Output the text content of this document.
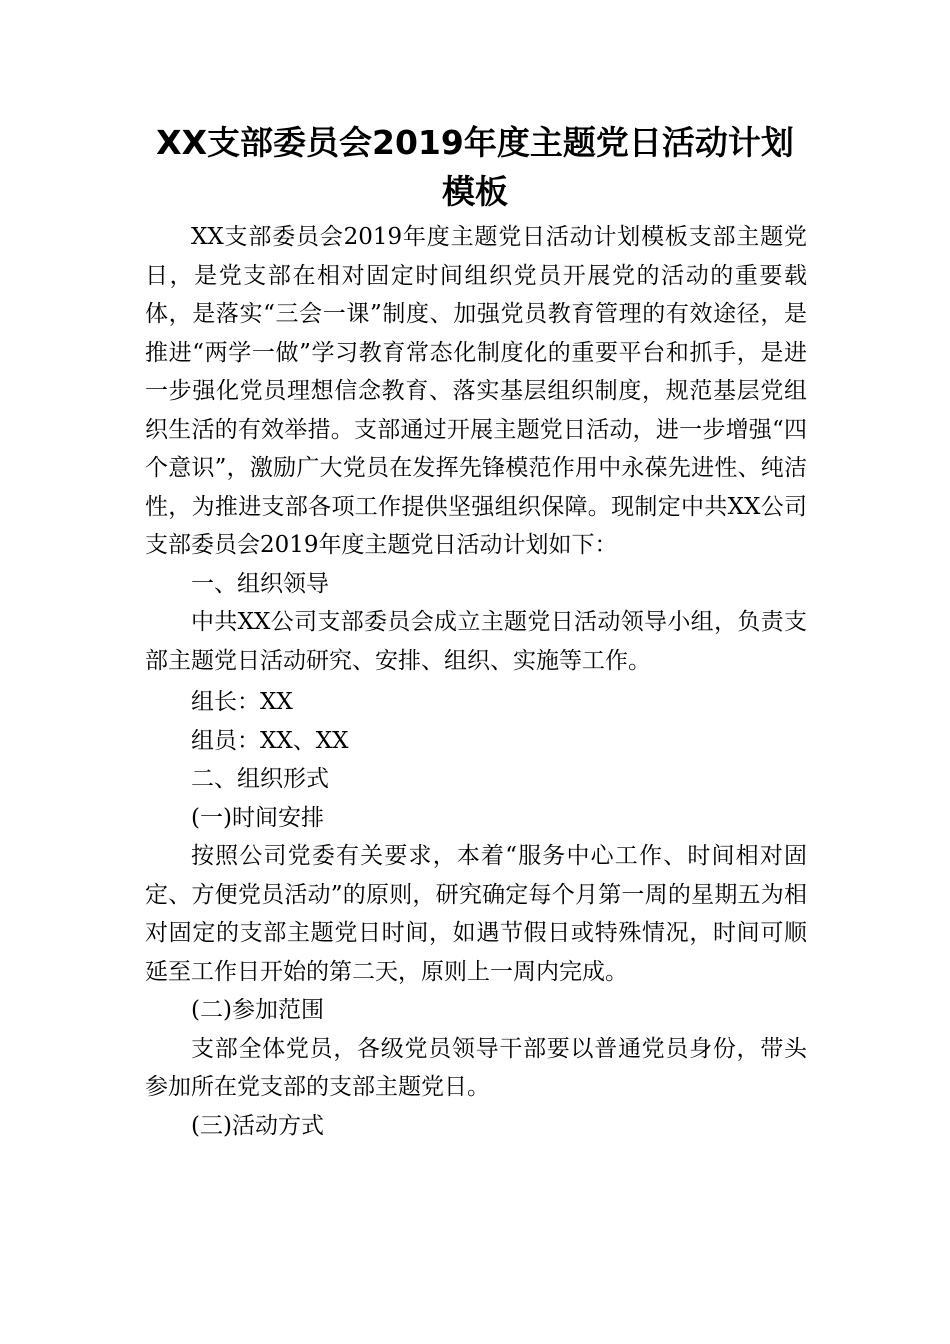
XX支部委员会2019年度主题党日活动计划模板

XX支部委员会2019年度主题党日活动计划模板支部主题党日，是党支部在相对固定时间组织党员开展党的活动的重要载体，是落实“三会一课”制度、加强党员教育管理的有效途径，是推进“两学一做”学习教育常态化制度化的重要平台和抓手，是进一步强化党员理想信念教育、落实基层组织制度，规范基层党组织生活的有效举措。支部通过开展主题党日活动，进一步增强“四个意识”，激励广大党员在发挥先锋模范作用中永葆先进性、纯洁性，为推进支部各项工作提供坚强组织保障。现制定中共XX公司支部委员会2019年度主题党日活动计划如下：

一、组织领导

中共XX公司支部委员会成立主题党日活动领导小组，负责支部主题党日活动研究、安排、组织、实施等工作。

组长：XX

组员：XX、XX

二、组织形式

(一)时间安排

按照公司党委有关要求，本着“服务中心工作、时间相对固定、方便党员活动”的原则，研究确定每个月第一周的星期五为相对固定的支部主题党日时间，如遇节假日或特殊情况，时间可顺延至工作日开始的第二天，原则上一周内完成。

(二)参加范围

支部全体党员，各级党员领导干部要以普通党员身份，带头参加所在党支部的支部主题党日。

(三)活动方式
